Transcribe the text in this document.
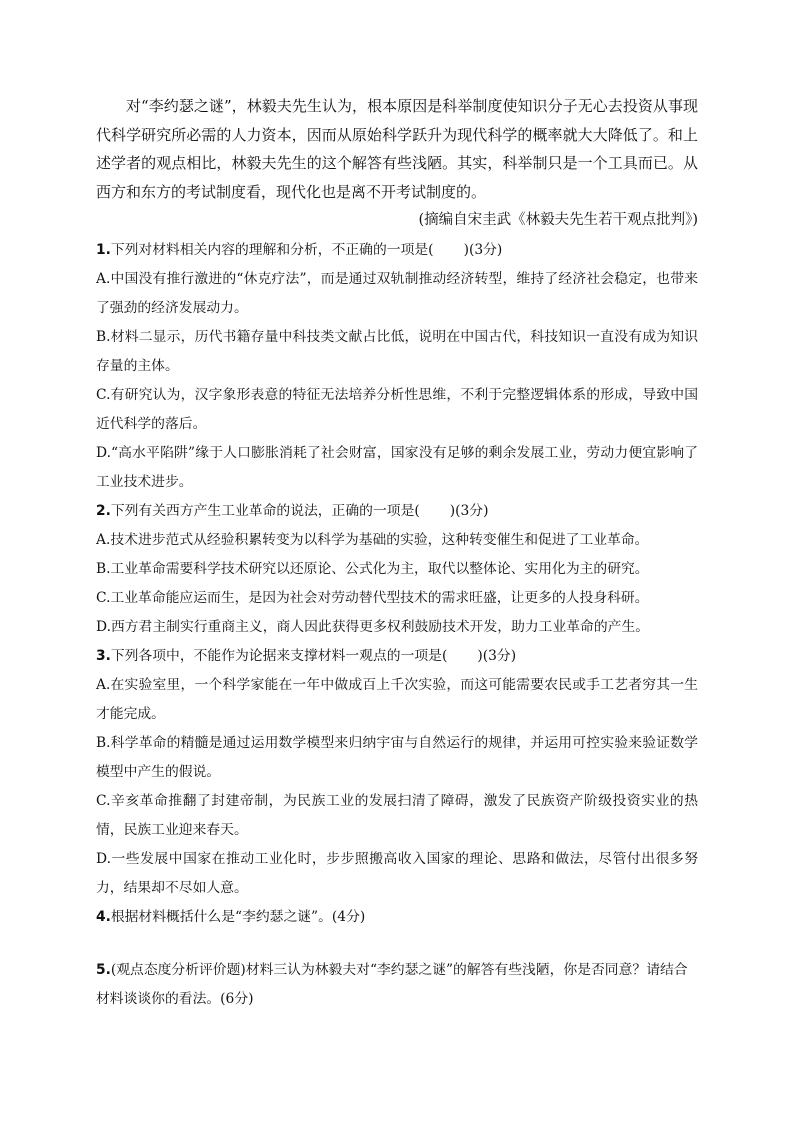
对“李约瑟之谜”，林毅夫先生认为，根本原因是科举制度使知识分子无心去投资从事现代科学研究所必需的人力资本，因而从原始科学跃升为现代科学的概率就大大降低了。和上述学者的观点相比，林毅夫先生的这个解答有些浅陋。其实，科举制只是一个工具而已。从西方和东方的考试制度看，现代化也是离不开考试制度的。

(摘编自宋圭武《林毅夫先生若干观点批判》)

1.下列对材料相关内容的理解和分析，不正确的一项是( )(3分)

A.中国没有推行激进的“休克疗法”，而是通过双轨制推动经济转型，维持了经济社会稳定，也带来了强劲的经济发展动力。

B.材料二显示，历代书籍存量中科技类文献占比低，说明在中国古代，科技知识一直没有成为知识存量的主体。

C.有研究认为，汉字象形表意的特征无法培养分析性思维，不利于完整逻辑体系的形成，导致中国近代科学的落后。

D.“高水平陷阱”缘于人口膨胀消耗了社会财富，国家没有足够的剩余发展工业，劳动力便宜影响了工业技术进步。

2.下列有关西方产生工业革命的说法，正确的一项是( )(3分)

A.技术进步范式从经验积累转变为以科学为基础的实验，这种转变催生和促进了工业革命。

B.工业革命需要科学技术研究以还原论、公式化为主，取代以整体论、实用化为主的研究。

C.工业革命能应运而生，是因为社会对劳动替代型技术的需求旺盛，让更多的人投身科研。

D.西方君主制实行重商主义，商人因此获得更多权利鼓励技术开发，助力工业革命的产生。

3.下列各项中，不能作为论据来支撑材料一观点的一项是( )(3分)

A.在实验室里，一个科学家能在一年中做成百上千次实验，而这可能需要农民或手工艺者穷其一生才能完成。

B.科学革命的精髓是通过运用数学模型来归纳宇宙与自然运行的规律，并运用可控实验来验证数学模型中产生的假说。

C.辛亥革命推翻了封建帝制，为民族工业的发展扫清了障碍，激发了民族资产阶级投资实业的热情，民族工业迎来春天。

D.一些发展中国家在推动工业化时，步步照搬高收入国家的理论、思路和做法，尽管付出很多努力，结果却不尽如人意。

4.根据材料概括什么是“李约瑟之谜”。(4分)

5.(观点态度分析评价题)材料三认为林毅夫对“李约瑟之谜”的解答有些浅陋，你是否同意？请结合材料谈谈你的看法。(6分)
